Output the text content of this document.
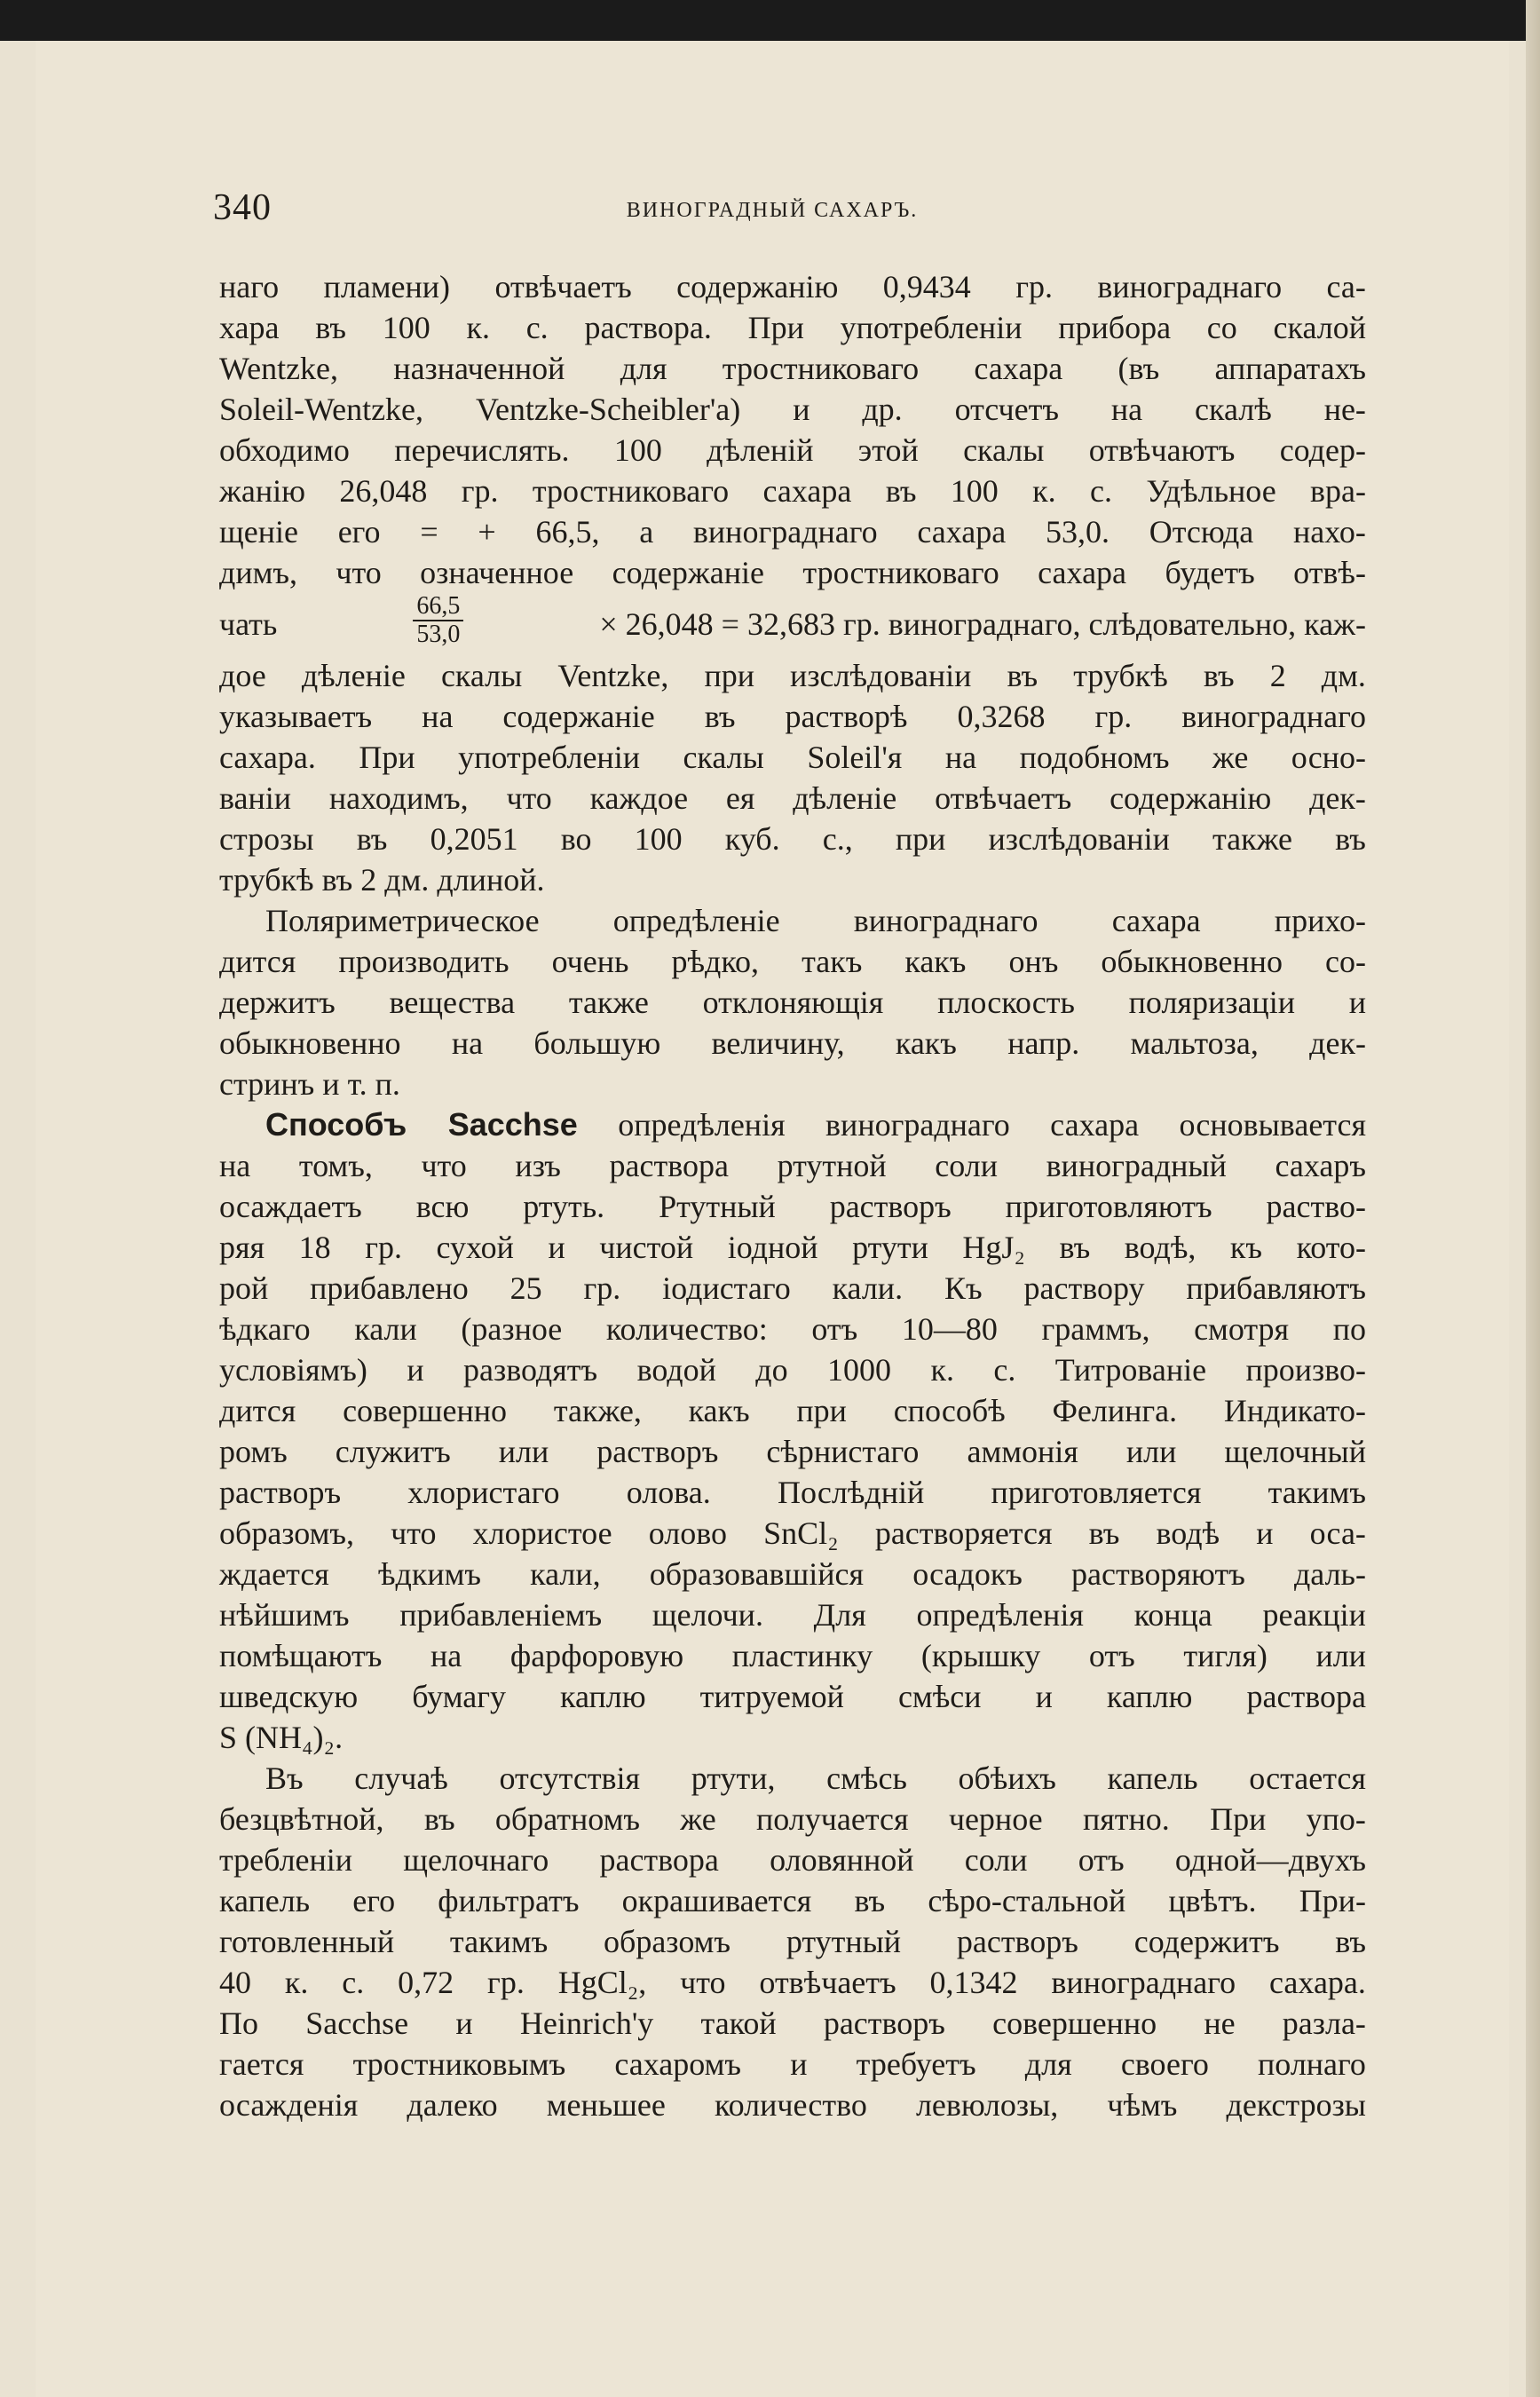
340	ВИНОГРАДНЫЙ САХАРЪ.
наго пламени) отвѣчаетъ содержанію 0,9434 гр. винограднаго са-
хара въ 100 к. с. раствора. При употребленіи прибора со скалой
Wentzke, назначенной для тростниковаго сахара (въ аппаратахъ
Soleil-Wentzke, Ventzke-Scheibler'a) и др. отсчетъ на скалѣ не-
обходимо перечислять. 100 дѣленій этой скалы отвѣчаютъ содер-
жанію 26,048 гр. тростниковаго сахара въ 100 к. с. Удѣльное вра-
щеніе его = + 66,5, а винограднаго сахара 53,0. Отсюда нахо-
димъ, что означенное содержаніе тростниковаго сахара будетъ отвѣ-
чать	$\frac{66,5}{53,0}$	× 26,048 = 32,683 гр. винограднаго, слѣдовательно, каж-
дое дѣленіе скалы Ventzke, при изслѣдованіи въ трубкѣ въ 2 дм.
указываетъ на содержаніе въ растворѣ 0,3268 гр. винограднаго
сахара. При употребленіи скалы Soleil'я на подобномъ же осно-
ваніи находимъ, что каждое ея дѣленіе отвѣчаетъ содержанію дек-
строзы въ 0,2051 во 100 куб. с., при изслѣдованіи также въ
трубкѣ въ 2 дм. длиной.
Поляриметрическое опредѣленіе винограднаго сахара прихо-
дится производить очень рѣдко, такъ какъ онъ обыкновенно со-
держитъ вещества также отклоняющія плоскость поляризаціи и
обыкновенно на большую величину, какъ напр. мальтоза, дек-
стринъ и т. п.
Способъ Sacchse опредѣленія винограднаго сахара основывается
на томъ, что изъ раствора ртутной соли виноградный сахаръ
осаждаетъ всю ртуть. Ртутный растворъ приготовляютъ раство-
ряя 18 гр. сухой и чистой іодной ртути HgJ₂ въ водѣ, къ кото-
рой прибавлено 25 гр. іодистаго кали. Къ раствору прибавляютъ
ѣдкаго кали (разное количество: отъ 10—80 граммъ, смотря по
условіямъ) и разводятъ водой до 1000 к. с. Титрованіе произво-
дится совершенно также, какъ при способѣ Фелинга. Индикато-
ромъ служитъ или растворъ сѣрнистаго аммонія или щелочный
растворъ хлористаго олова. Послѣдній приготовляется такимъ
образомъ, что хлористое олово SnCl₂ растворяется въ водѣ и оса-
ждается ѣдкимъ кали, образовавшійся осадокъ растворяютъ даль-
нѣйшимъ прибавленіемъ щелочи. Для опредѣленія конца реакціи
помѣщаютъ на фарфоровую пластинку (крышку отъ тигля) или
шведскую бумагу каплю титруемой смѣси и каплю раствора
S (NH₄)₂.
Въ случаѣ отсутствія ртути, смѣсь обѣихъ капель остается
безцвѣтной, въ обратномъ же получается черное пятно. При упо-
требленіи щелочнаго раствора оловянной соли отъ одной—двухъ
капель его фильтратъ окрашивается въ сѣро-стальной цвѣтъ. При-
готовленный такимъ образомъ ртутный растворъ содержитъ въ
40 к. с. 0,72 гр. HgCl₂, что отвѣчаетъ 0,1342 винограднаго сахара.
По Sacchse и Heinrich'у такой растворъ совершенно не разла-
гается тростниковымъ сахаромъ и требуетъ для своего полнаго
осажденія далеко меньшее количество левюлозы, чѣмъ декстрозы
